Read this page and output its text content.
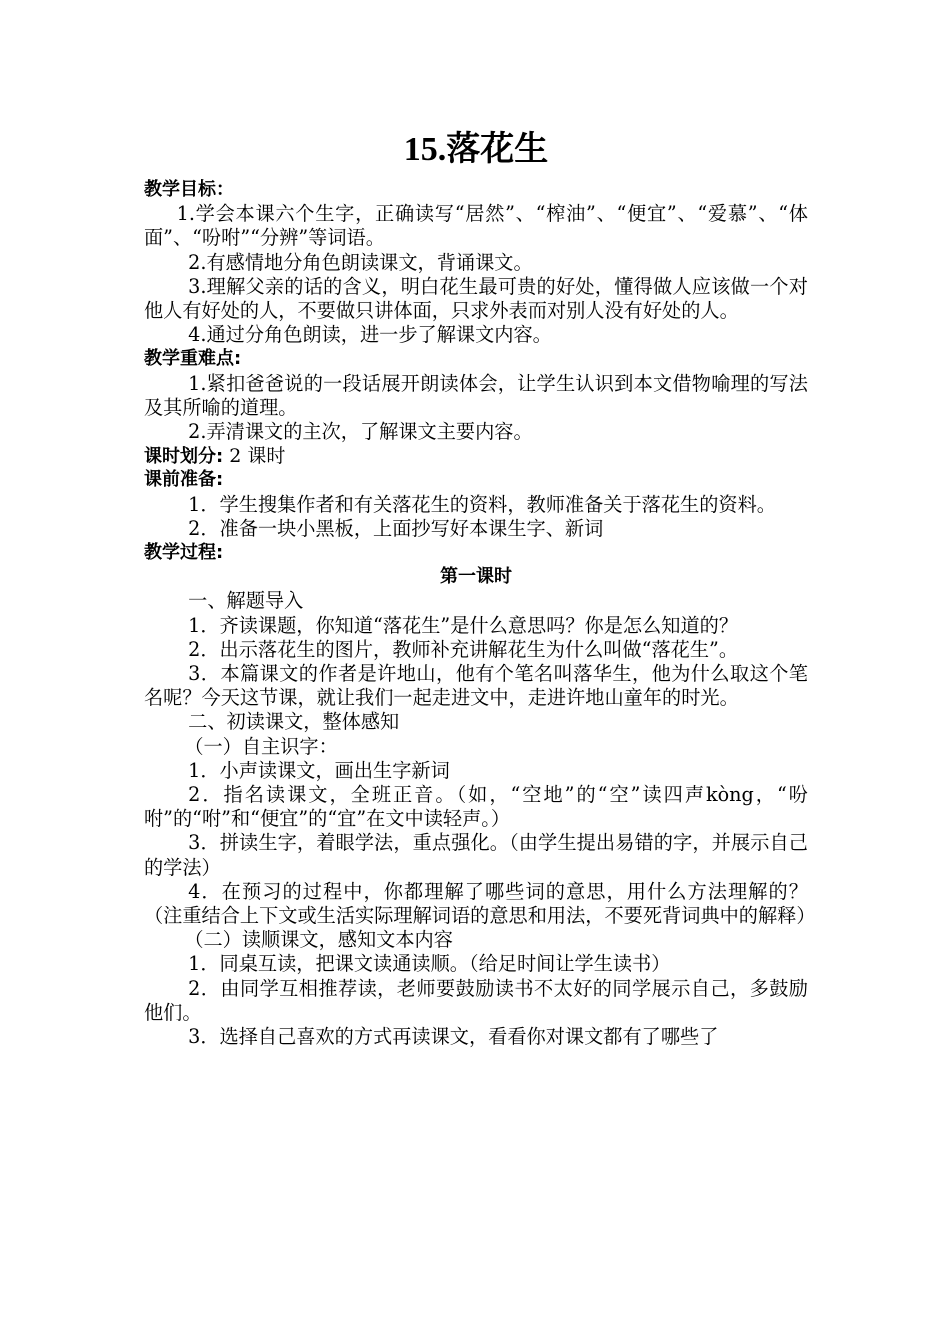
15.落花生
教学目标：

1.学会本课六个生字，正确读写“居然”、“榨油”、“便宜”、“爱慕”、“体面”、“吩咐”“分辨”等词语。

2.有感情地分角色朗读课文，背诵课文。

3.理解父亲的话的含义，明白花生最可贵的好处，懂得做人应该做一个对他人有好处的人，不要做只讲体面，只求外表而对别人没有好处的人。

4.通过分角色朗读，进一步了解课文内容。

教学重难点:

1.紧扣爸爸说的一段话展开朗读体会，让学生认识到本文借物喻理的写法及其所喻的道理。

2.弄清课文的主次，了解课文主要内容。

课时划分: 2 课时
课前准备:

1．学生搜集作者和有关落花生的资料，教师准备关于落花生的资料。

2．准备一块小黑板，上面抄写好本课生字、新词

教学过程:
第一课时

一、解题导入

1．齐读课题，你知道“落花生”是什么意思吗？你是怎么知道的？

2．出示落花生的图片，教师补充讲解花生为什么叫做“落花生”。

3．本篇课文的作者是许地山，他有个笔名叫落华生，他为什么取这个笔名呢？今天这节课，就让我们一起走进文中，走进许地山童年的时光。

二、初读课文，整体感知

（一）自主识字：

1．小声读课文，画出生字新词

2．指名读课文，全班正音。（如，“空地”的“空”读四声kòng，“吩咐”的“咐”和“便宜”的“宜”在文中读轻声。）

3．拼读生字，着眼学法，重点强化。（由学生提出易错的字，并展示自己的学法）

4．在预习的过程中，你都理解了哪些词的意思，用什么方法理解的？（注重结合上下文或生活实际理解词语的意思和用法，不要死背词典中的解释）

（二）读顺课文，感知文本内容

1．同桌互读，把课文读通读顺。（给足时间让学生读书）

2．由同学互相推荐读，老师要鼓励读书不太好的同学展示自己，多鼓励他们。

3．选择自己喜欢的方式再读课文，看看你对课文都有了哪些了
